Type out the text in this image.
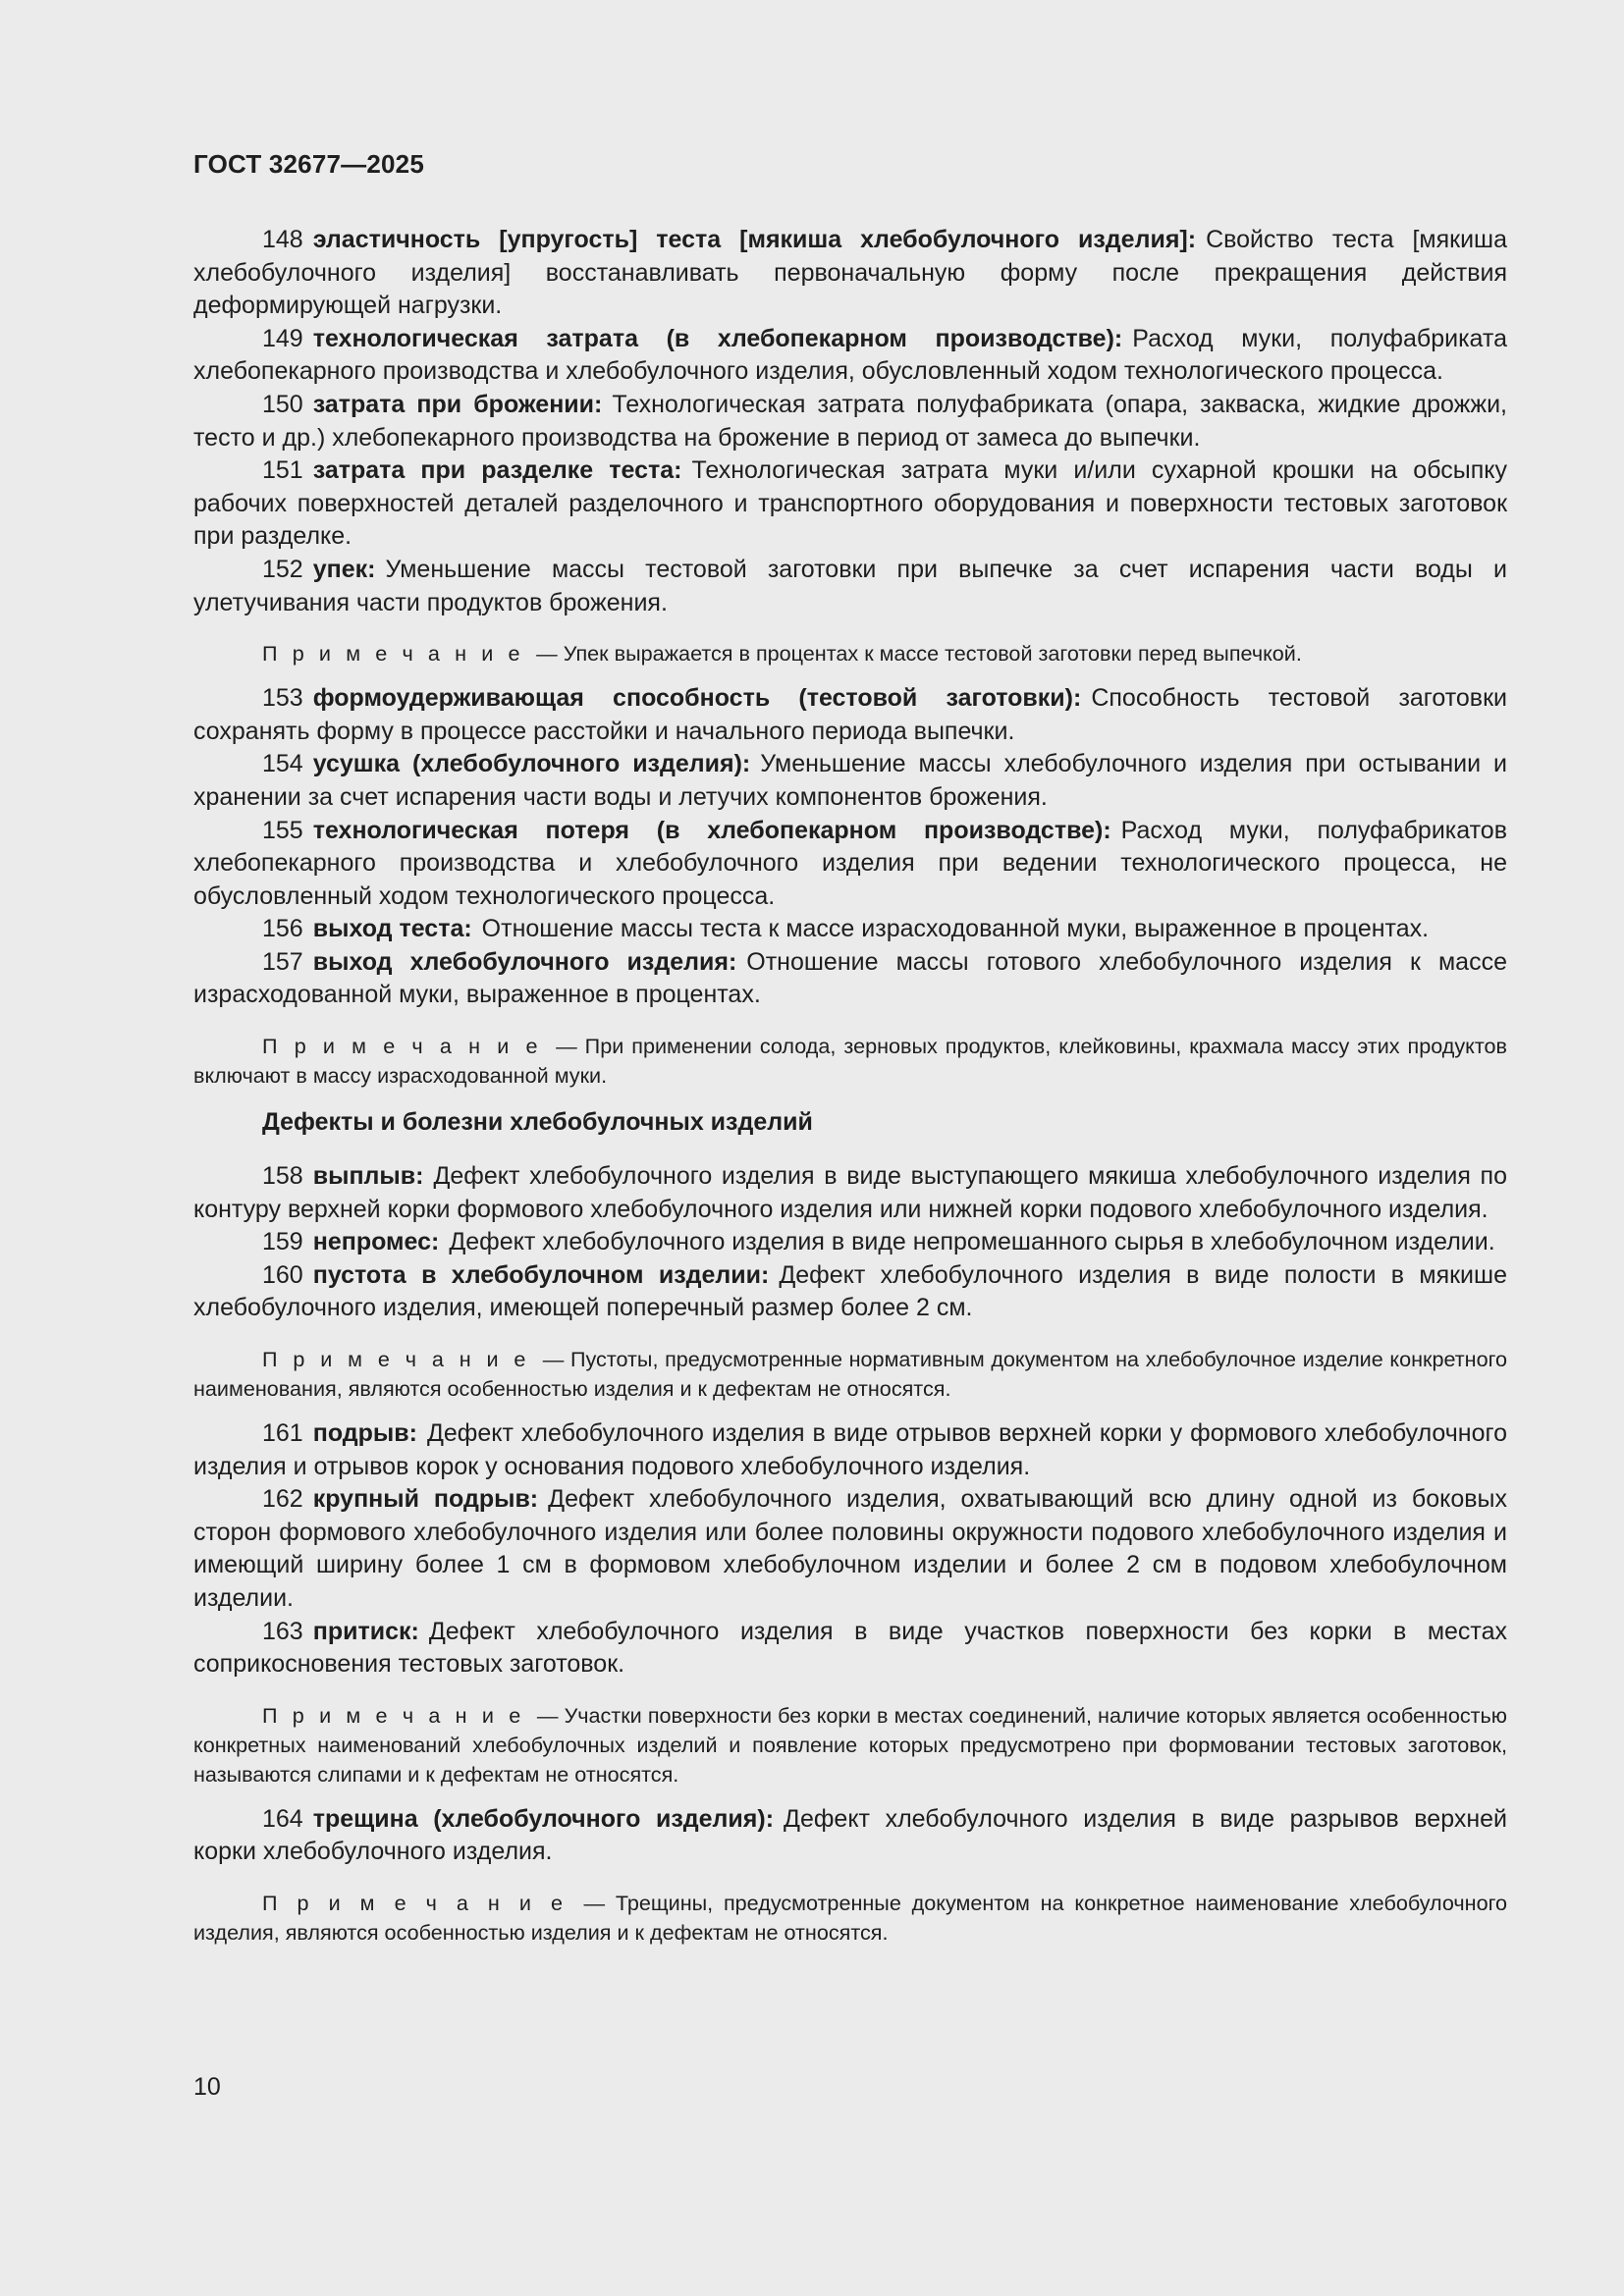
ГОСТ 32677—2025

148 эластичность [упругость] теста [мякиша хлебобулочного изделия]: Свойство теста [мякиша хлебобулочного изделия] восстанавливать первоначальную форму после прекращения действия деформирующей нагрузки.

149 технологическая затрата (в хлебопекарном производстве): Расход муки, полуфабриката хлебопекарного производства и хлебобулочного изделия, обусловленный ходом технологического процесса.

150 затрата при брожении: Технологическая затрата полуфабриката (опара, закваска, жидкие дрожжи, тесто и др.) хлебопекарного производства на брожение в период от замеса до выпечки.

151 затрата при разделке теста: Технологическая затрата муки и/или сухарной крошки на обсыпку рабочих поверхностей деталей разделочного и транспортного оборудования и поверхности тестовых заготовок при разделке.

152 упек: Уменьшение массы тестовой заготовки при выпечке за счет испарения части воды и улетучивания части продуктов брожения.

П р и м е ч а н и е — Упек выражается в процентах к массе тестовой заготовки перед выпечкой.

153 формоудерживающая способность (тестовой заготовки): Способность тестовой заготовки сохранять форму в процессе расстойки и начального периода выпечки.

154 усушка (хлебобулочного изделия): Уменьшение массы хлебобулочного изделия при остывании и хранении за счет испарения части воды и летучих компонентов брожения.

155 технологическая потеря (в хлебопекарном производстве): Расход муки, полуфабрикатов хлебопекарного производства и хлебобулочного изделия при ведении технологического процесса, не обусловленный ходом технологического процесса.

156 выход теста: Отношение массы теста к массе израсходованной муки, выраженное в процентах.

157 выход хлебобулочного изделия: Отношение массы готового хлебобулочного изделия к массе израсходованной муки, выраженное в процентах.

П р и м е ч а н и е — При применении солода, зерновых продуктов, клейковины, крахмала массу этих продуктов включают в массу израсходованной муки.

Дефекты и болезни хлебобулочных изделий

158 выплыв: Дефект хлебобулочного изделия в виде выступающего мякиша хлебобулочного изделия по контуру верхней корки формового хлебобулочного изделия или нижней корки подового хлебобулочного изделия.

159 непромес: Дефект хлебобулочного изделия в виде непромешанного сырья в хлебобулочном изделии.

160 пустота в хлебобулочном изделии: Дефект хлебобулочного изделия в виде полости в мякише хлебобулочного изделия, имеющей поперечный размер более 2 см.

П р и м е ч а н и е — Пустоты, предусмотренные нормативным документом на хлебобулочное изделие конкретного наименования, являются особенностью изделия и к дефектам не относятся.

161 подрыв: Дефект хлебобулочного изделия в виде отрывов верхней корки у формового хлебобулочного изделия и отрывов корок у основания подового хлебобулочного изделия.

162 крупный подрыв: Дефект хлебобулочного изделия, охватывающий всю длину одной из боковых сторон формового хлебобулочного изделия или более половины окружности подового хлебобулочного изделия и имеющий ширину более 1 см в формовом хлебобулочном изделии и более 2 см в подовом хлебобулочном изделии.

163 притиск: Дефект хлебобулочного изделия в виде участков поверхности без корки в местах соприкосновения тестовых заготовок.

П р и м е ч а н и е — Участки поверхности без корки в местах соединений, наличие которых является особенностью конкретных наименований хлебобулочных изделий и появление которых предусмотрено при формовании тестовых заготовок, называются слипами и к дефектам не относятся.

164 трещина (хлебобулочного изделия): Дефект хлебобулочного изделия в виде разрывов верхней корки хлебобулочного изделия.

П р и м е ч а н и е — Трещины, предусмотренные документом на конкретное наименование хлебобулочного изделия, являются особенностью изделия и к дефектам не относятся.

10
